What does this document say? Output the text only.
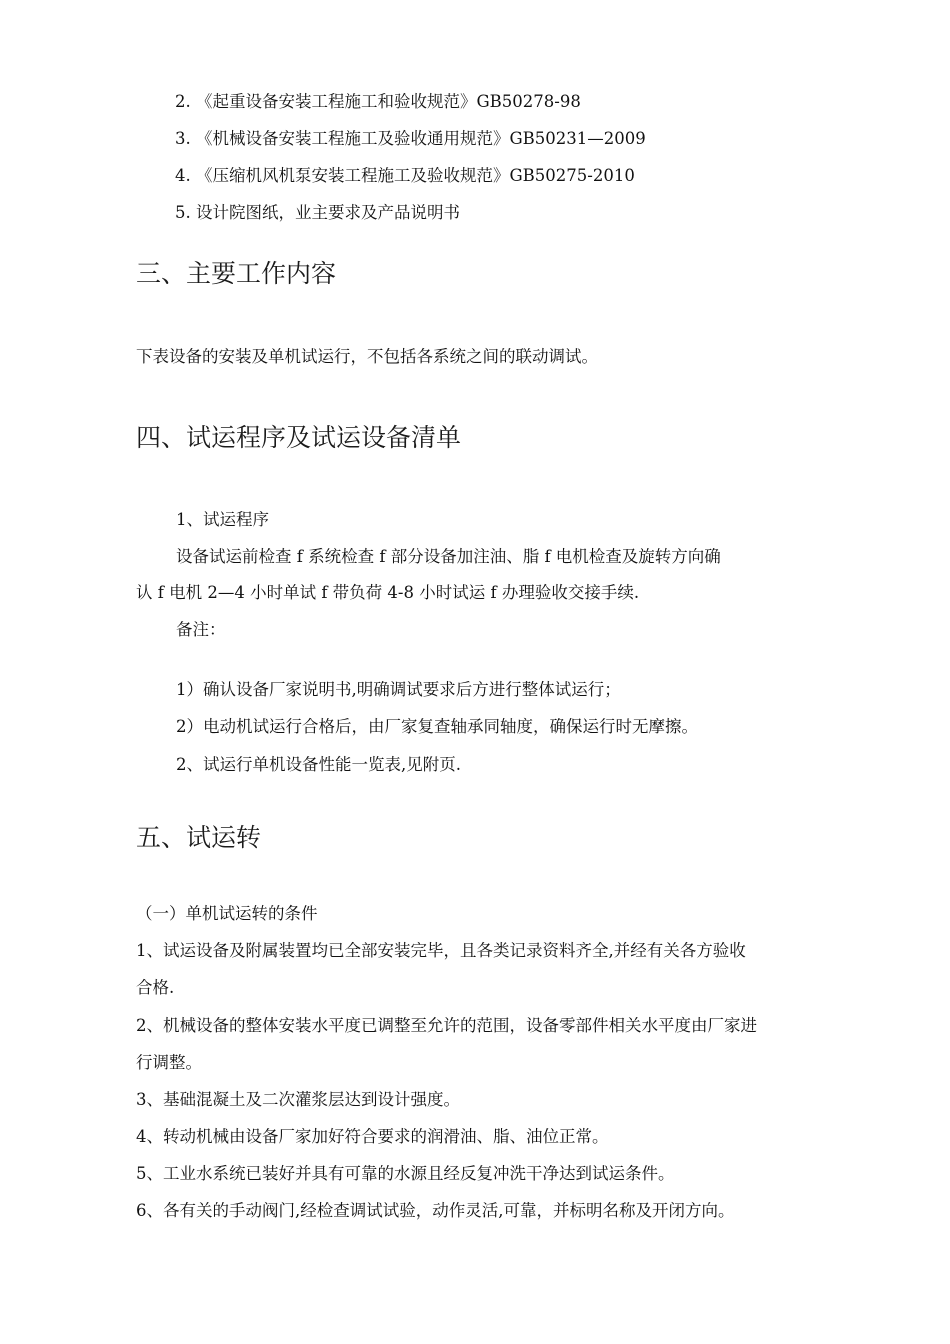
2. 《起重设备安装工程施工和验收规范》GB50278-98
3. 《机械设备安装工程施工及验收通用规范》GB50231—2009
4. 《压缩机风机泵安装工程施工及验收规范》GB50275-2010
5. 设计院图纸，业主要求及产品说明书
三、主要工作内容
下表设备的安装及单机试运行，不包括各系统之间的联动调试。
四、试运程序及试运设备清单
1、试运程序
设备试运前检查 f 系统检查 f 部分设备加注油、脂 f 电机检查及旋转方向确
认 f 电机 2—4 小时单试 f 带负荷 4-8 小时试运 f 办理验收交接手续.
备注：
1）确认设备厂家说明书,明确调试要求后方进行整体试运行；
2）电动机试运行合格后，由厂家复查轴承同轴度，确保运行时无摩擦。
2、试运行单机设备性能一览表,见附页.
五、试运转
（一）单机试运转的条件
1、试运设备及附属装置均已全部安装完毕，且各类记录资料齐全,并经有关各方验收
合格.
2、机械设备的整体安装水平度已调整至允许的范围，设备零部件相关水平度由厂家进
行调整。
3、基础混凝土及二次灌浆层达到设计强度。
4、转动机械由设备厂家加好符合要求的润滑油、脂、油位正常。
5、工业水系统已装好并具有可靠的水源且经反复冲洗干净达到试运条件。
6、各有关的手动阀门,经检查调试试验，动作灵活,可靠，并标明名称及开闭方向。
